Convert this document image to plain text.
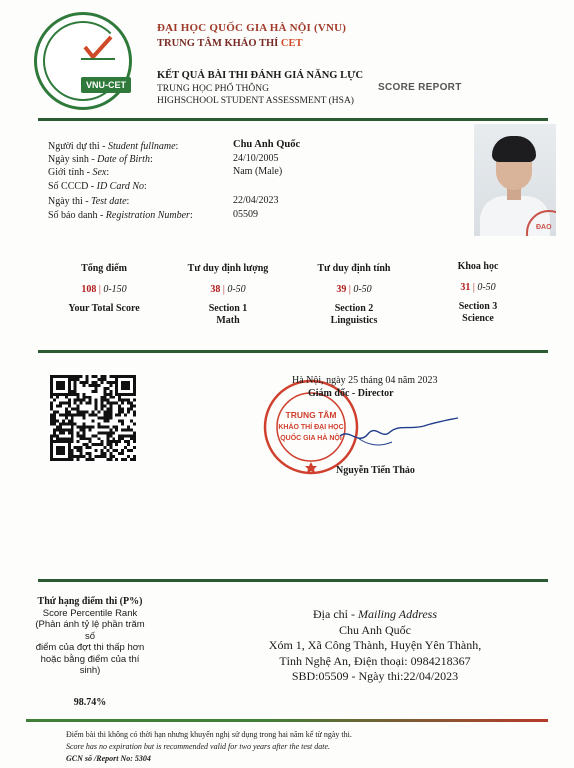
VNU-CET
ĐẠI HỌC QUỐC GIA HÀ NỘI (VNU)
TRUNG TÂM KHẢO THÍ CET
KẾT QUẢ BÀI THI ĐÁNH GIÁ NĂNG LỰC
TRUNG HỌC PHỔ THÔNG
HIGHSCHOOL STUDENT ASSESSMENT (HSA)
SCORE REPORT
Người dự thi - Student fullname:
Ngày sinh - Date of Birth:
Giới tính - Sex:
Số CCCD - ID Card No:
Ngày thi - Test date:
Số báo danh - Registration Number:
Chu Anh Quốc
24/10/2005
Nam (Male)
22/04/2023
05509
ĐAO
Tổng điểm
108 | 0-150
Your Total Score
Tư duy định lượng
38 | 0-50
Section 1
Math
Tư duy định tính
39 | 0-50
Section 2
Linguistics
Khoa học
31 | 0-50
Section 3
Science
TRUNG TÂM
KHẢO THÍ ĐẠI HỌC
QUỐC GIA HÀ NỘI
Hà Nội, ngày 25 tháng 04 năm 2023
Giám đốc - Director
Nguyễn Tiến Thảo
Thứ hạng điểm thi (P%)
Score Percentile Rank
(Phản ánh tỷ lệ phần trăm số
điểm của đợt thi thấp hơn
hoặc bằng điểm của thí sinh)
98.74%
Địa chỉ - Mailing Address
Chu Anh Quốc
Xóm 1, Xã Công Thành, Huyện Yên Thành,
Tỉnh Nghệ An, Điện thoại: 0984218367
SBD:05509 - Ngày thi:22/04/2023
Điểm bài thi không có thời hạn nhưng khuyến nghị sử dụng trong hai năm kể từ ngày thi.
Score has no expiration but is recommended valid for two years after the test date.
GCN số /Report No: 5304
